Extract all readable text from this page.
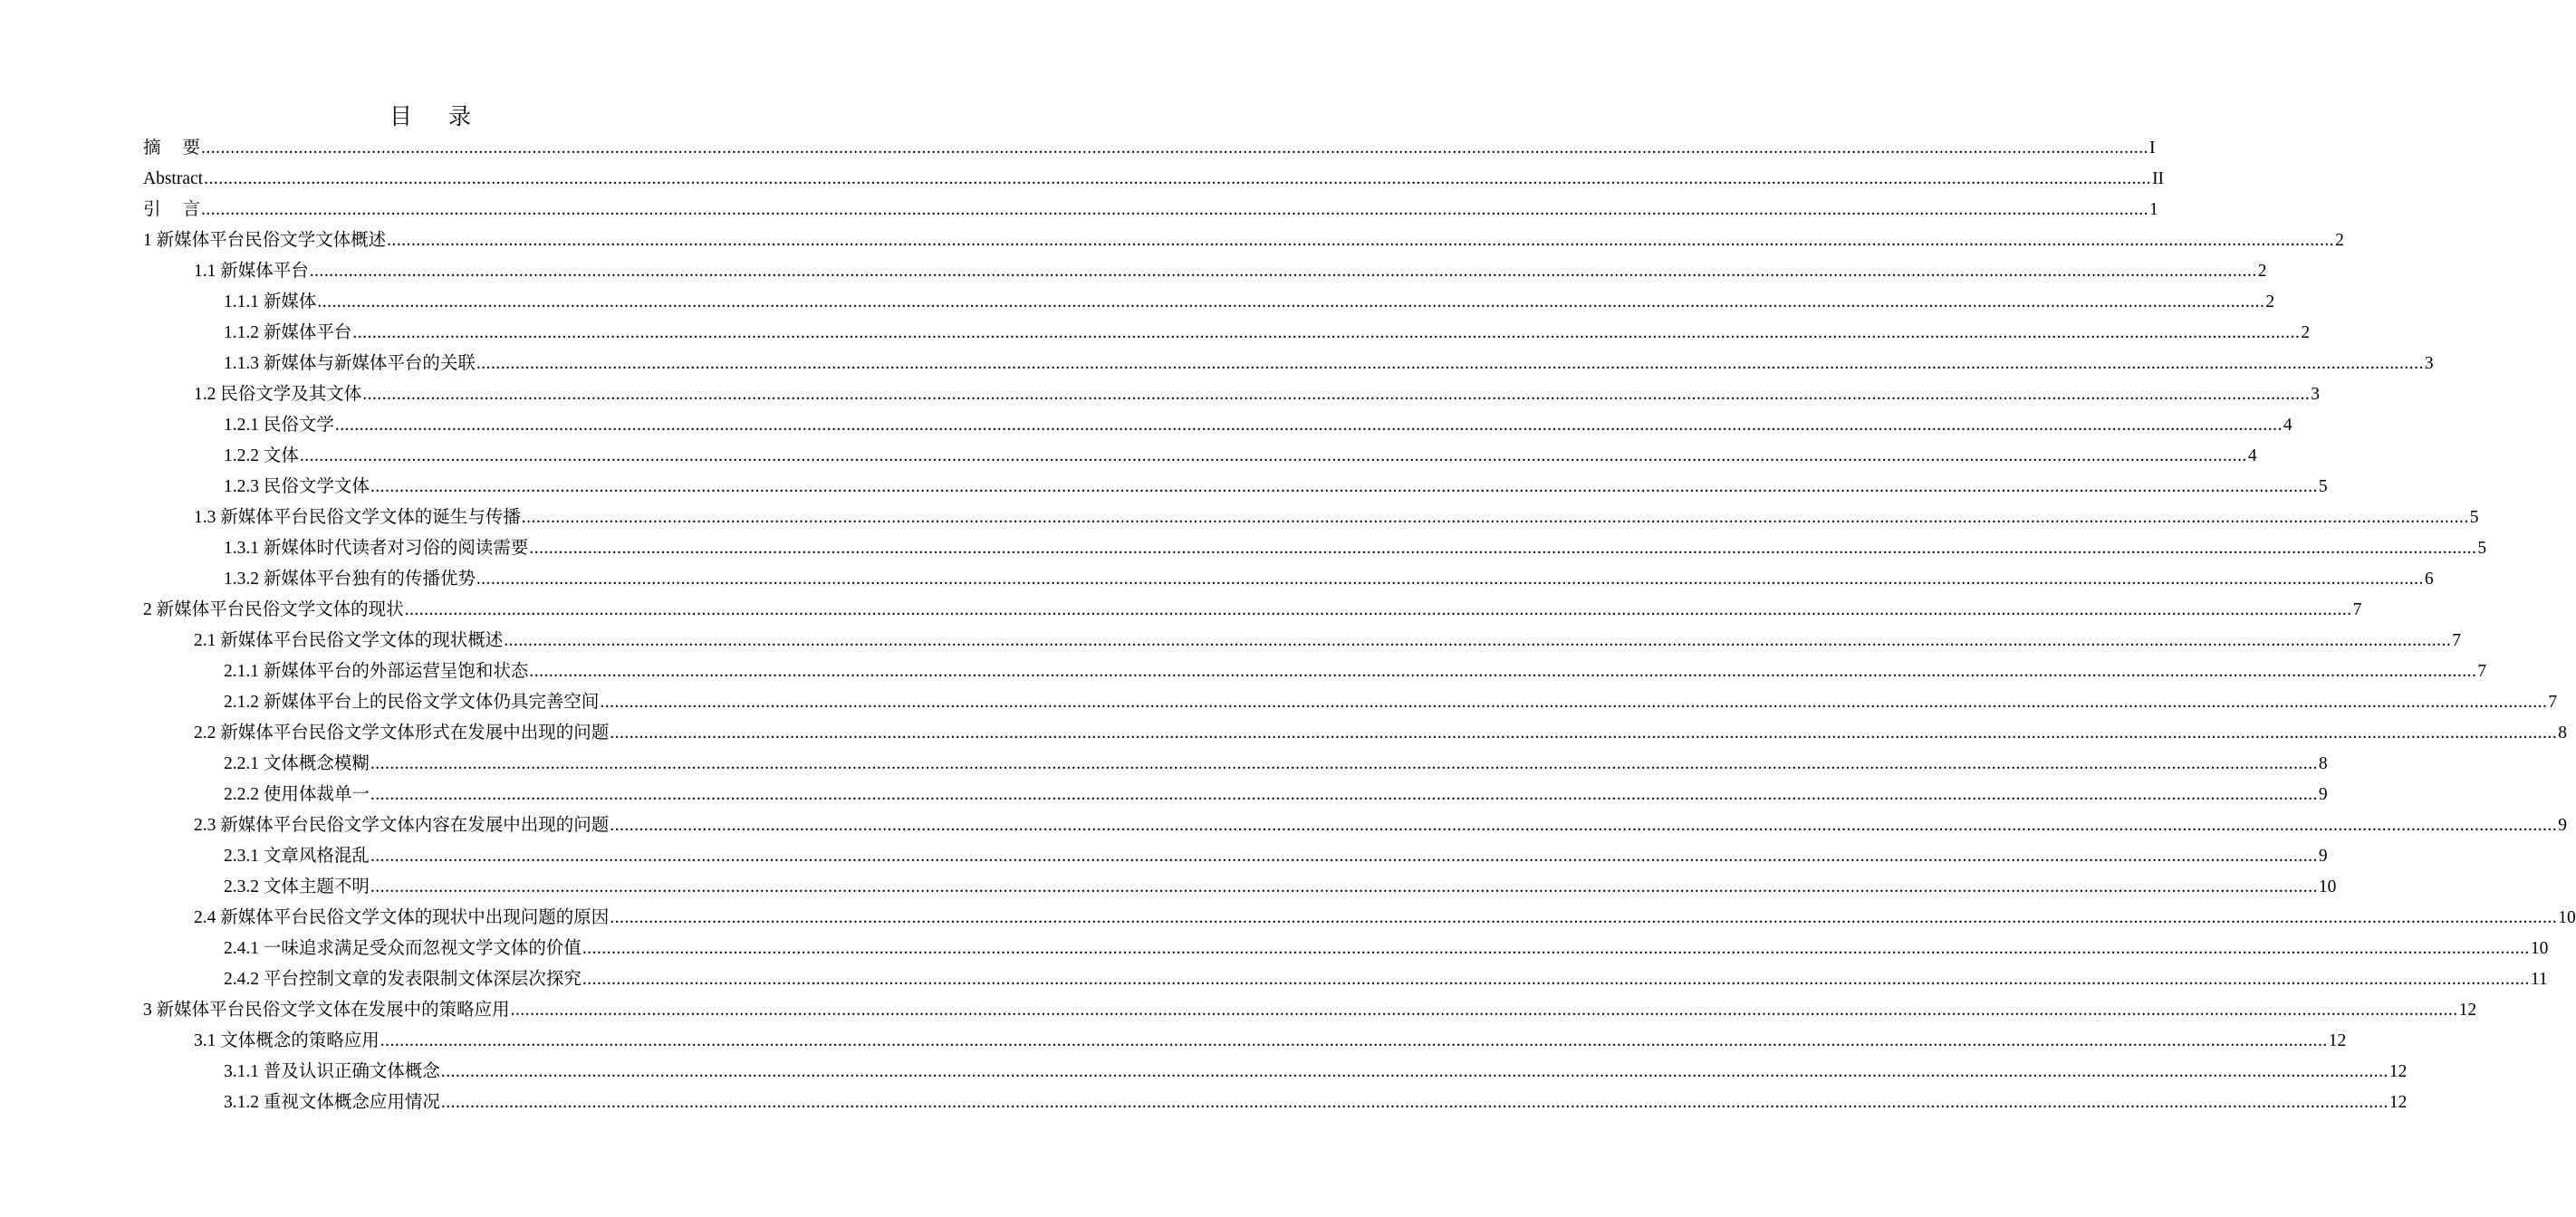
目 录
摘要 ................................................................................................................................................................................................................................................................................................................................................................................................................ I
Abstract ................................................................................................................................................................................................................................................................................................................................................................................................................ II
引言 ................................................................................................................................................................................................................................................................................................................................................................................................................ 1
1 新媒体平台民俗文学文体概述 ................................................................................................................................................................................................................................................................................................................................................................................................................ 2
1.1 新媒体平台 ................................................................................................................................................................................................................................................................................................................................................................................................................ 2
1.1.1 新媒体 ................................................................................................................................................................................................................................................................................................................................................................................................................ 2
1.1.2 新媒体平台 ................................................................................................................................................................................................................................................................................................................................................................................................................ 2
1.1.3 新媒体与新媒体平台的关联 ................................................................................................................................................................................................................................................................................................................................................................................................................ 3
1.2 民俗文学及其文体 ................................................................................................................................................................................................................................................................................................................................................................................................................ 3
1.2.1 民俗文学 ................................................................................................................................................................................................................................................................................................................................................................................................................ 4
1.2.2 文体 ................................................................................................................................................................................................................................................................................................................................................................................................................ 4
1.2.3 民俗文学文体 ................................................................................................................................................................................................................................................................................................................................................................................................................ 5
1.3 新媒体平台民俗文学文体的诞生与传播 ................................................................................................................................................................................................................................................................................................................................................................................................................ 5
1.3.1 新媒体时代读者对习俗的阅读需要 ................................................................................................................................................................................................................................................................................................................................................................................................................ 5
1.3.2 新媒体平台独有的传播优势 ................................................................................................................................................................................................................................................................................................................................................................................................................ 6
2 新媒体平台民俗文学文体的现状 ................................................................................................................................................................................................................................................................................................................................................................................................................ 7
2.1 新媒体平台民俗文学文体的现状概述 ................................................................................................................................................................................................................................................................................................................................................................................................................ 7
2.1.1 新媒体平台的外部运营呈饱和状态 ................................................................................................................................................................................................................................................................................................................................................................................................................ 7
2.1.2 新媒体平台上的民俗文学文体仍具完善空间 ................................................................................................................................................................................................................................................................................................................................................................................................................ 7
2.2 新媒体平台民俗文学文体形式在发展中出现的问题 ................................................................................................................................................................................................................................................................................................................................................................................................................ 8
2.2.1 文体概念模糊 ................................................................................................................................................................................................................................................................................................................................................................................................................ 8
2.2.2 使用体裁单一 ................................................................................................................................................................................................................................................................................................................................................................................................................ 9
2.3 新媒体平台民俗文学文体内容在发展中出现的问题 ................................................................................................................................................................................................................................................................................................................................................................................................................ 9
2.3.1 文章风格混乱 ................................................................................................................................................................................................................................................................................................................................................................................................................ 9
2.3.2 文体主题不明 ................................................................................................................................................................................................................................................................................................................................................................................................................ 10
2.4 新媒体平台民俗文学文体的现状中出现问题的原因 ................................................................................................................................................................................................................................................................................................................................................................................................................ 10
2.4.1 一味追求满足受众而忽视文学文体的价值 ................................................................................................................................................................................................................................................................................................................................................................................................................ 10
2.4.2 平台控制文章的发表限制文体深层次探究 ................................................................................................................................................................................................................................................................................................................................................................................................................ 11
3 新媒体平台民俗文学文体在发展中的策略应用 ................................................................................................................................................................................................................................................................................................................................................................................................................ 12
3.1 文体概念的策略应用 ................................................................................................................................................................................................................................................................................................................................................................................................................ 12
3.1.1 普及认识正确文体概念 ................................................................................................................................................................................................................................................................................................................................................................................................................ 12
3.1.2 重视文体概念应用情况 ................................................................................................................................................................................................................................................................................................................................................................................................................ 12
